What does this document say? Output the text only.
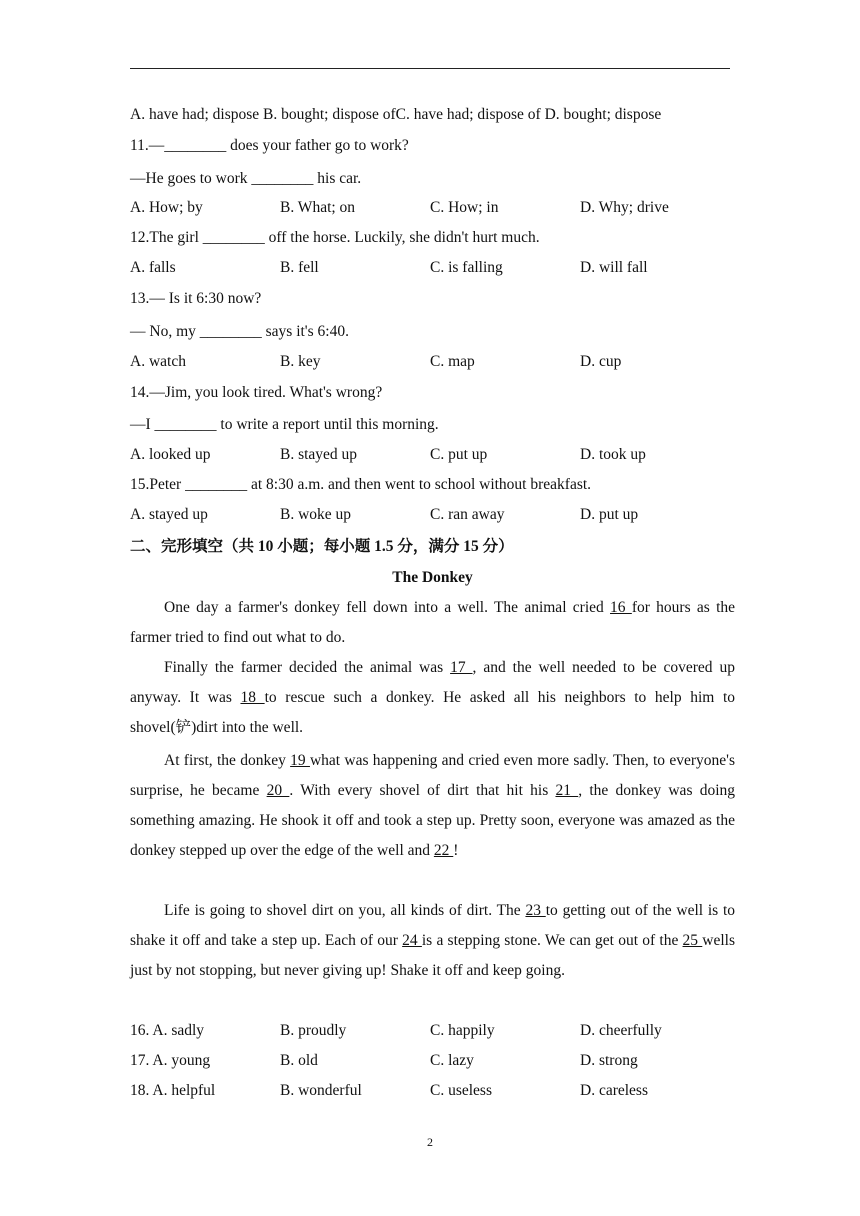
A. have had; dispose B. bought; dispose ofC. have had; dispose of D. bought; dispose
11.—________ does your father go to work?
—He goes to work ________ his car.
A. How; by	B. What; on	C. How; in	D. Why; drive
12.The girl ________ off the horse. Luckily, she didn't hurt much.
A. falls	B. fell	C. is falling	D. will fall
13.— Is it 6:30 now?
— No, my ________ says it's 6:40.
A. watch	B. key	C. map	D. cup
14.—Jim, you look tired. What's wrong?
—I ________ to write a report until this morning.
A. looked up	B. stayed up	C. put up	D. took up
15.Peter ________ at 8:30 a.m. and then went to school without breakfast.
A. stayed up	B. woke up	C. ran away	D. put up
二、完形填空（共 10 小题；每小题 1.5 分，满分 15 分）
The Donkey
One day a farmer's donkey fell down into a well. The animal cried 16 for hours as the farmer tried to find out what to do.
Finally the farmer decided the animal was 17 , and the well needed to be covered up anyway. It was 18 to rescue such a donkey. He asked all his neighbors to help him to shovel(铲)dirt into the well.
At first, the donkey 19 what was happening and cried even more sadly. Then, to everyone's surprise, he became 20 . With every shovel of dirt that hit his 21 , the donkey was doing something amazing. He shook it off and took a step up. Pretty soon, everyone was amazed as the donkey stepped up over the edge of the well and 22 !
Life is going to shovel dirt on you, all kinds of dirt. The 23 to getting out of the well is to shake it off and take a step up. Each of our 24 is a stepping stone. We can get out of the 25 wells just by not stopping, but never giving up! Shake it off and keep going.
16. A. sadly	B. proudly	C. happily	D. cheerfully
17. A. young	B. old	C. lazy	D. strong
18. A. helpful	B. wonderful	C. useless	D. careless
2
